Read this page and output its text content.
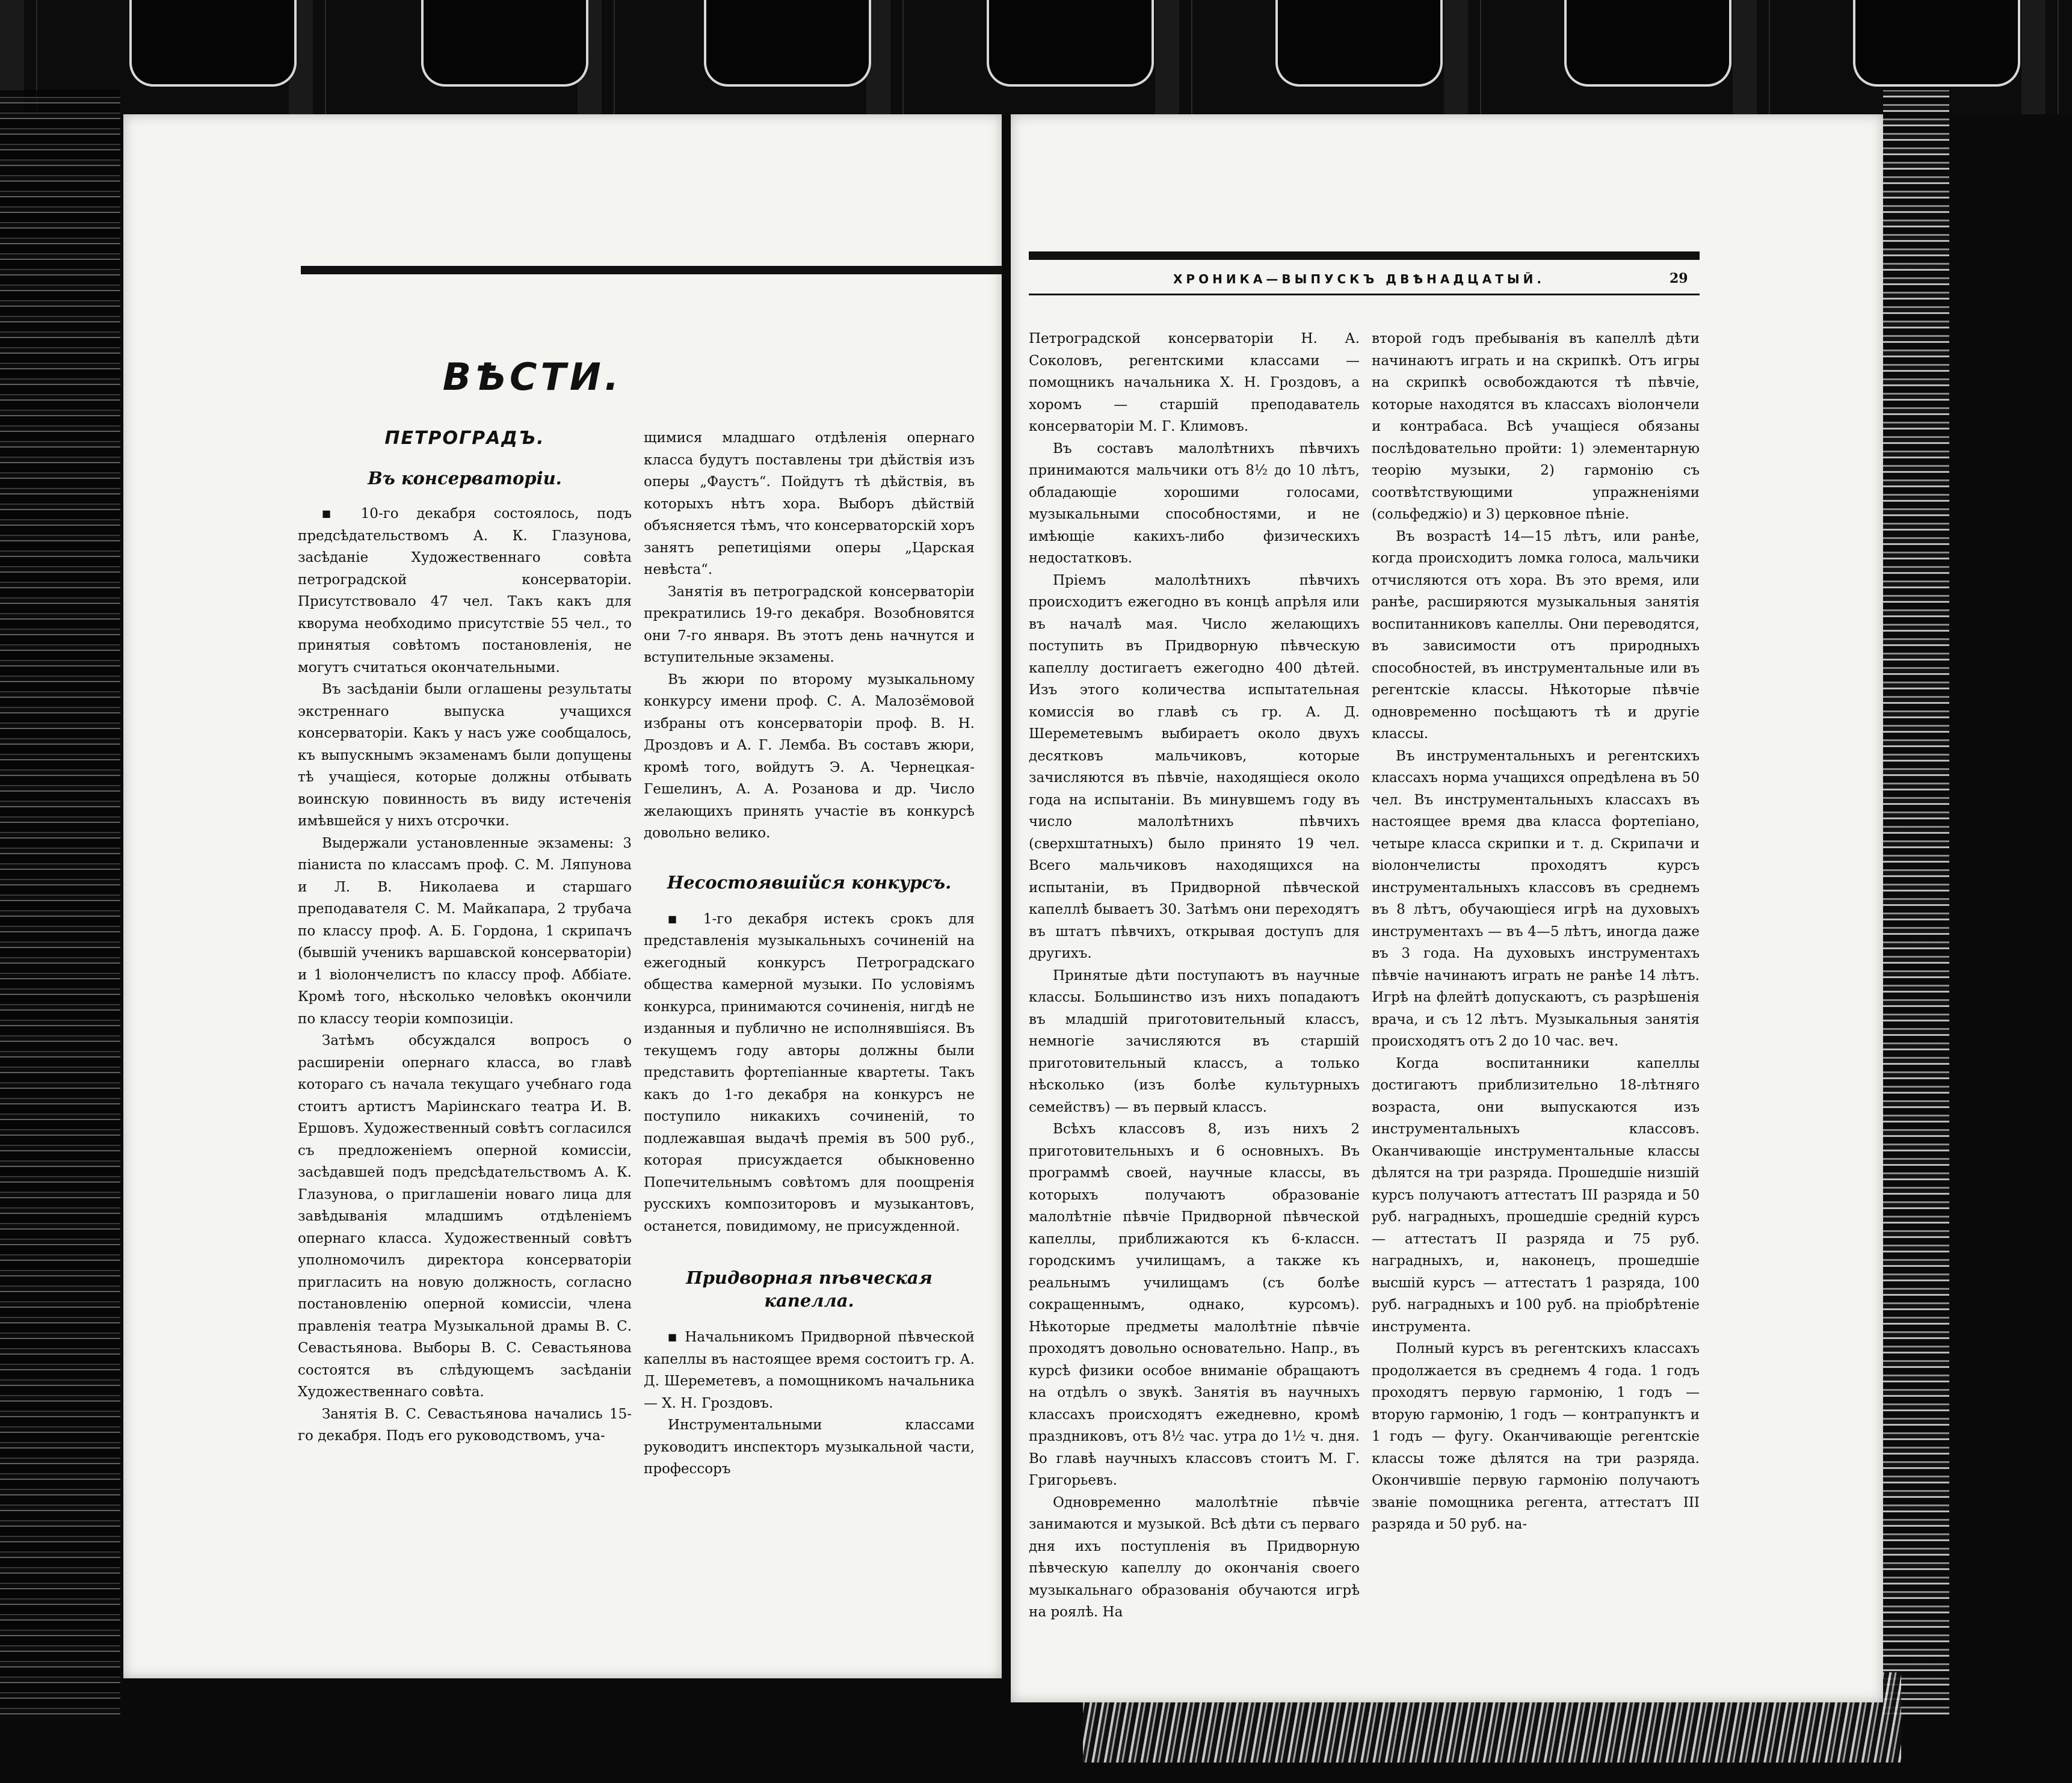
ВѢСТИ.
ПЕТРОГРАДЪ.
Въ консерваторіи.

■ 10-го декабря состоялось, подъ предсѣдательствомъ А. К. Глазунова, засѣданіе Художественнаго совѣта петроградской консерваторіи. Присутствовало 47 чел. Такъ какъ для кворума необходимо присутствіе 55 чел., то принятыя совѣтомъ постановленія, не могутъ считаться окончательными.

Въ засѣданіи были оглашены результаты экстреннаго выпуска учащихся консерваторіи. Какъ у насъ уже сообщалось, къ выпускнымъ экзаменамъ были допущены тѣ учащіеся, которые должны отбывать воинскую повинность въ виду истеченія имѣвшейся у нихъ отсрочки.

Выдержали установленные экзамены: 3 піаниста по классамъ проф. С. М. Ляпунова и Л. В. Николаева и старшаго преподавателя С. М. Майкапара, 2 трубача по классу проф. А. Б. Гордона, 1 скрипачъ (бывшій ученикъ варшавской консерваторіи) и 1 віолончелистъ по классу проф. Аббіате. Кромѣ того, нѣсколько человѣкъ окончили по классу теоріи композиціи.

Затѣмъ обсуждался вопросъ о расширеніи опернаго класса, во главѣ котораго съ начала текущаго учебнаго года стоитъ артистъ Маріинскаго театра И. В. Ершовъ. Художественный совѣтъ согласился съ предложеніемъ оперной комиссіи, засѣдавшей подъ предсѣдательствомъ А. К. Глазунова, о приглашеніи новаго лица для завѣдыванія младшимъ отдѣленіемъ опернаго класса. Художественный совѣтъ уполномочилъ директора консерваторіи пригласить на новую должность, согласно постановленію оперной комиссіи, члена правленія театра Музыкальной драмы В. С. Севастьянова. Выборы В. С. Севастьянова состоятся въ слѣдующемъ засѣданіи Художественнаго совѣта.

Занятія В. С. Севастьянова начались 15-го декабря. Подъ его руководствомъ, уча-

щимися младшаго отдѣленія опернаго класса будутъ поставлены три дѣйствія изъ оперы „Фаустъ“. Пойдутъ тѣ дѣйствія, въ которыхъ нѣтъ хора. Выборъ дѣйствій объясняется тѣмъ, что консерваторскій хоръ занятъ репетиціями оперы „Царская невѣста“.

Занятія въ петроградской консерваторіи прекратились 19-го декабря. Возобновятся они 7-го января. Въ этотъ день начнутся и вступительные экзамены.

Въ жюри по второму музыкальному конкурсу имени проф. С. А. Малозёмовой избраны отъ консерваторіи проф. В. Н. Дроздовъ и А. Г. Лемба. Въ составъ жюри, кромѣ того, войдутъ Э. А. Чернецкая-Гешелинъ, А. А. Розанова и др. Число желающихъ принять участіе въ конкурсѣ довольно велико.

Несостоявшійся конкурсъ.

■ 1-го декабря истекъ срокъ для представленія музыкальныхъ сочиненій на ежегодный конкурсъ Петроградскаго общества камерной музыки. По условіямъ конкурса, принимаются сочиненія, нигдѣ не изданныя и публично не исполнявшіяся. Въ текущемъ году авторы должны были представить фортепіанные квартеты. Такъ какъ до 1-го декабря на конкурсъ не поступило никакихъ сочиненій, то подлежавшая выдачѣ премія въ 500 руб., которая присуждается обыкновенно Попечительнымъ совѣтомъ для поощренія русскихъ композиторовъ и музыкантовъ, останется, повидимому, не присужденной.

Придворная пѣвческая
капелла.

■ Начальникомъ Придворной пѣвческой капеллы въ настоящее время состоитъ гр. А. Д. Шереметевъ, а помощникомъ начальника — Х. Н. Гроздовъ.

Инструментальными классами руководитъ инспекторъ музыкальной части, профессоръ

ХРОНИКА—ВЫПУСКЪ ДВѢНАДЦАТЫЙ.	29

Петроградской консерваторіи Н. А. Соколовъ, регентскими классами — помощникъ начальника Х. Н. Гроздовъ, а хоромъ — старшій преподаватель консерваторіи М. Г. Климовъ.

Въ составъ малолѣтнихъ пѣвчихъ принимаются мальчики отъ 8½ до 10 лѣтъ, обладающіе хорошими голосами, музыкальными способностями, и не имѣющіе какихъ-либо физическихъ недостатковъ.

Пріемъ малолѣтнихъ пѣвчихъ происходитъ ежегодно въ концѣ апрѣля или въ началѣ мая. Число желающихъ поступить въ Придворную пѣвческую капеллу достигаетъ ежегодно 400 дѣтей. Изъ этого количества испытательная комиссія во главѣ съ гр. А. Д. Шереметевымъ выбираетъ около двухъ десятковъ мальчиковъ, которые зачисляются въ пѣвчіе, находящіеся около года на испытаніи. Въ минувшемъ году въ число малолѣтнихъ пѣвчихъ (сверхштатныхъ) было принято 19 чел. Всего мальчиковъ находящихся на испытаніи, въ Придворной пѣвческой капеллѣ бываетъ 30. Затѣмъ они переходятъ въ штатъ пѣвчихъ, открывая доступъ для другихъ.

Принятые дѣти поступаютъ въ научные классы. Большинство изъ нихъ попадаютъ въ младшій приготовительный классъ, немногіе зачисляются въ старшій приготовительный классъ, а только нѣсколько (изъ болѣе культурныхъ семействъ) — въ первый классъ.

Всѣхъ классовъ 8, изъ нихъ 2 приготовительныхъ и 6 основныхъ. Въ программѣ своей, научные классы, въ которыхъ получаютъ образованіе малолѣтніе пѣвчіе Придворной пѣвческой капеллы, приближаются къ 6-классн. городскимъ училищамъ, а также къ реальнымъ училищамъ (съ болѣе сокращеннымъ, однако, курсомъ). Нѣкоторые предметы малолѣтніе пѣвчіе проходятъ довольно основательно. Напр., въ курсѣ физики особое вниманіе обращаютъ на отдѣлъ о звукѣ. Занятія въ научныхъ классахъ происходятъ ежедневно, кромѣ праздниковъ, отъ 8½ час. утра до 1½ ч. дня. Во главѣ научныхъ классовъ стоитъ М. Г. Григорьевъ.

Одновременно малолѣтніе пѣвчіе занимаются и музыкой. Всѣ дѣти съ перваго дня ихъ поступленія въ Придворную пѣвческую капеллу до окончанія своего музыкальнаго образованія обучаются игрѣ на роялѣ. На

второй годъ пребыванія въ капеллѣ дѣти начинаютъ играть и на скрипкѣ. Отъ игры на скрипкѣ освобождаются тѣ пѣвчіе, которые находятся въ классахъ віолончели и контрабаса. Всѣ учащіеся обязаны послѣдовательно пройти: 1) элементарную теорію музыки, 2) гармонію съ соотвѣтствующими упражненіями (сольфеджіо) и 3) церковное пѣніе.

Въ возрастѣ 14—15 лѣтъ, или ранѣе, когда происходитъ ломка голоса, мальчики отчисляются отъ хора. Въ это время, или ранѣе, расширяются музыкальныя занятія воспитанниковъ капеллы. Они переводятся, въ зависимости отъ природныхъ способностей, въ инструментальные или въ регентскіе классы. Нѣкоторые пѣвчіе одновременно посѣщаютъ тѣ и другіе классы.

Въ инструментальныхъ и регентскихъ классахъ норма учащихся опредѣлена въ 50 чел. Въ инструментальныхъ классахъ въ настоящее время два класса фортепіано, четыре класса скрипки и т. д. Скрипачи и віолончелисты проходятъ курсъ инструментальныхъ классовъ въ среднемъ въ 8 лѣтъ, обучающіеся игрѣ на духовыхъ инструментахъ — въ 4—5 лѣтъ, иногда даже въ 3 года. На духовыхъ инструментахъ пѣвчіе начинаютъ играть не ранѣе 14 лѣтъ. Игрѣ на флейтѣ допускаютъ, съ разрѣшенія врача, и съ 12 лѣтъ. Музыкальныя занятія происходятъ отъ 2 до 10 час. веч.

Когда воспитанники капеллы достигаютъ приблизительно 18-лѣтняго возраста, они выпускаются изъ инструментальныхъ классовъ. Оканчивающіе инструментальные классы дѣлятся на три разряда. Прошедшіе низшій курсъ получаютъ аттестатъ III разряда и 50 руб. наградныхъ, прошедшіе средній курсъ — аттестатъ II разряда и 75 руб. наградныхъ, и, наконецъ, прошедшіе высшій курсъ — аттестатъ 1 разряда, 100 руб. наградныхъ и 100 руб. на пріобрѣтеніе инструмента.

Полный курсъ въ регентскихъ классахъ продолжается въ среднемъ 4 года. 1 годъ проходятъ первую гармонію, 1 годъ — вторую гармонію, 1 годъ — контрапунктъ и 1 годъ — фугу. Оканчивающіе регентскіе классы тоже дѣлятся на три разряда. Окончившіе первую гармонію получаютъ званіе помощника регента, аттестатъ III разряда и 50 руб. на-
